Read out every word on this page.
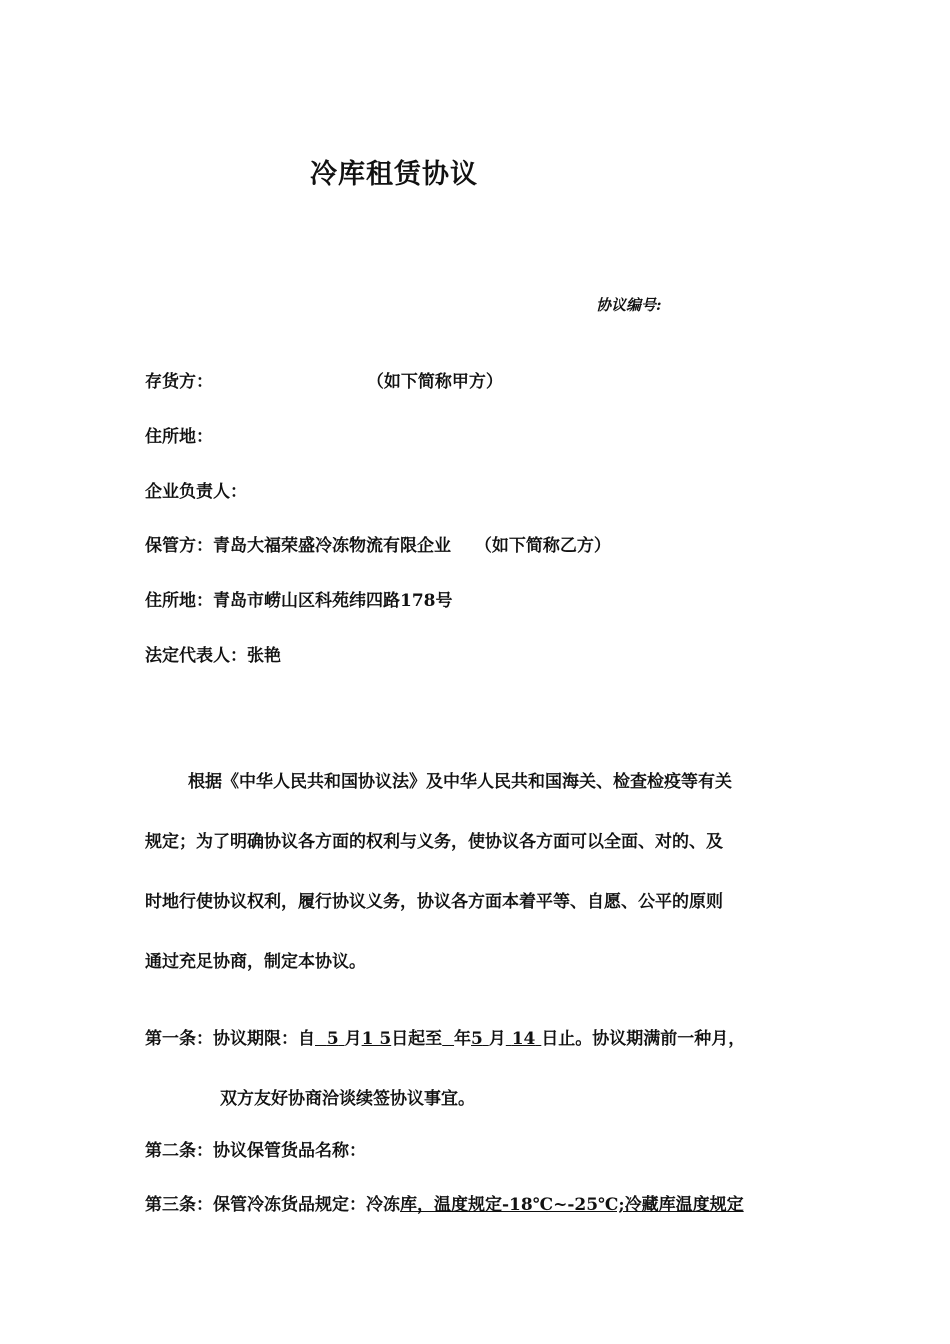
冷库租赁协议
协议编号:
存货方：	（如下简称甲方）
住所地：
企业负责人：
保管方：青岛大福荣盛冷冻物流有限企业 （如下简称乙方）
住所地：青岛市崂山区科苑纬四路178号
法定代表人：张艳
根据《中华人民共和国协议法》及中华人民共和国海关、检查检疫等有关
规定；为了明确协议各方面的权利与义务，使协议各方面可以全面、对的、及
时地行使协议权利，履行协议义务，协议各方面本着平等、自愿、公平的原则
通过充足协商，制定本协议。
第一条：协议期限：自 5 月1 5日起至 年5 月 14 日止。协议期满前一种月，
双方友好协商洽谈续签协议事宜。
第二条：协议保管货品名称：
第三条：保管冷冻货品规定：冷冻库，温度规定-18℃~-25℃;冷藏库温度规定
